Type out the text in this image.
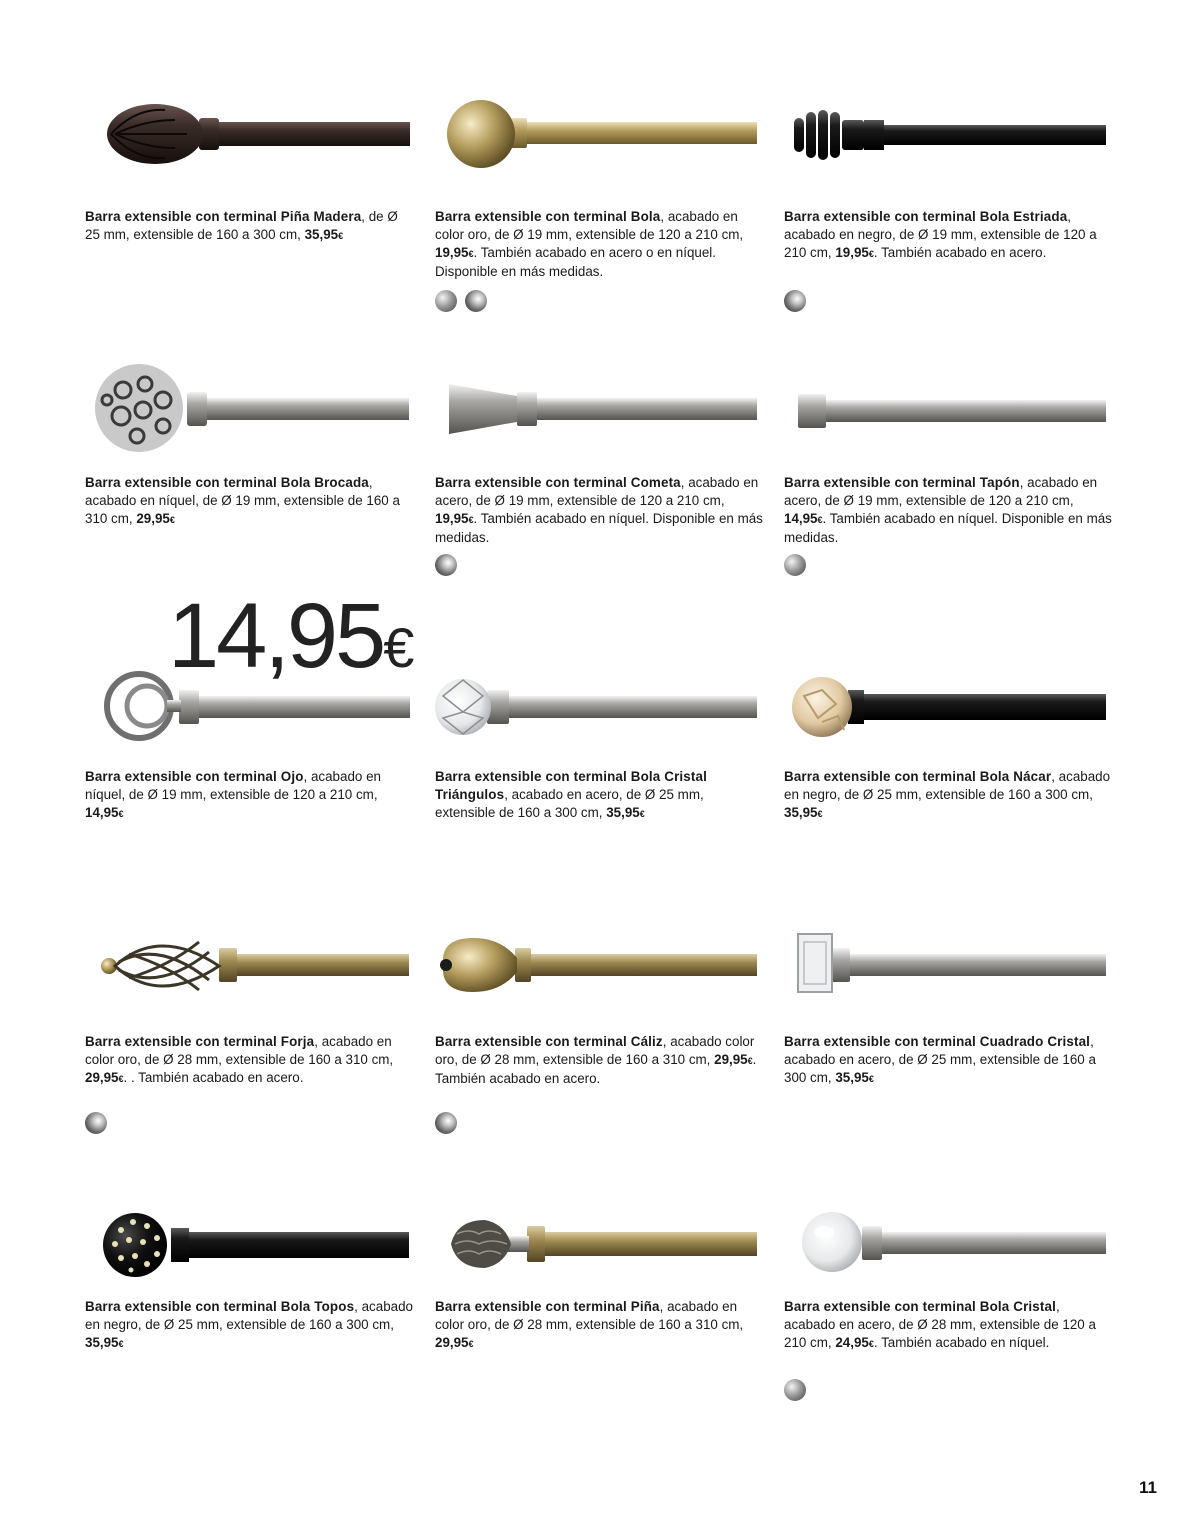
Barra extensible con terminal Piña Madera, de Ø 25 mm, extensible de 160 a 300 cm, 35,95€
Barra extensible con terminal Bola, acabado en color oro, de Ø 19 mm, extensible de 120 a 210 cm, 19,95€. También acabado en acero o en níquel. Disponible en más medidas.
Barra extensible con terminal Bola Estriada, acabado en negro, de Ø 19 mm, extensible de 120 a 210 cm, 19,95€. También acabado en acero.
Barra extensible con terminal Bola Brocada, acabado en níquel, de Ø 19 mm, extensible de 160 a 310 cm, 29,95€
Barra extensible con terminal Cometa, acabado en acero, de Ø 19 mm, extensible de 120 a 210 cm, 19,95€. También acabado en níquel. Disponible en más medidas.
Barra extensible con terminal Tapón, acabado en acero, de Ø 19 mm, extensible de 120 a 210 cm, 14,95€. También acabado en níquel. Disponible en más medidas.
14,95€
Barra extensible con terminal Ojo, acabado en níquel, de Ø 19 mm, extensible de 120 a 210 cm, 14,95€
Barra extensible con terminal Bola Cristal Triángulos, acabado en acero, de Ø 25 mm, extensible de 160 a 300 cm, 35,95€
Barra extensible con terminal Bola Nácar, acabado en negro, de Ø 25 mm, extensible de 160 a 300 cm, 35,95€
Barra extensible con terminal Forja, acabado en color oro, de Ø 28 mm, extensible de 160 a 310 cm, 29,95€. . También acabado en acero.
Barra extensible con terminal Cáliz, acabado color oro, de Ø 28 mm, extensible de 160 a 310 cm, 29,95€. También acabado en acero.
Barra extensible con terminal Cuadrado Cristal, acabado en acero, de Ø 25 mm, extensible de 160 a 300 cm, 35,95€
Barra extensible con terminal Bola Topos, acabado en negro, de Ø 25 mm, extensible de 160 a 300 cm, 35,95€
Barra extensible con terminal Piña, acabado en color oro, de Ø 28 mm, extensible de 160 a 310 cm, 29,95€
Barra extensible con terminal Bola Cristal, acabado en acero, de Ø 28 mm, extensible de 120 a 210 cm, 24,95€. También acabado en níquel.
11
